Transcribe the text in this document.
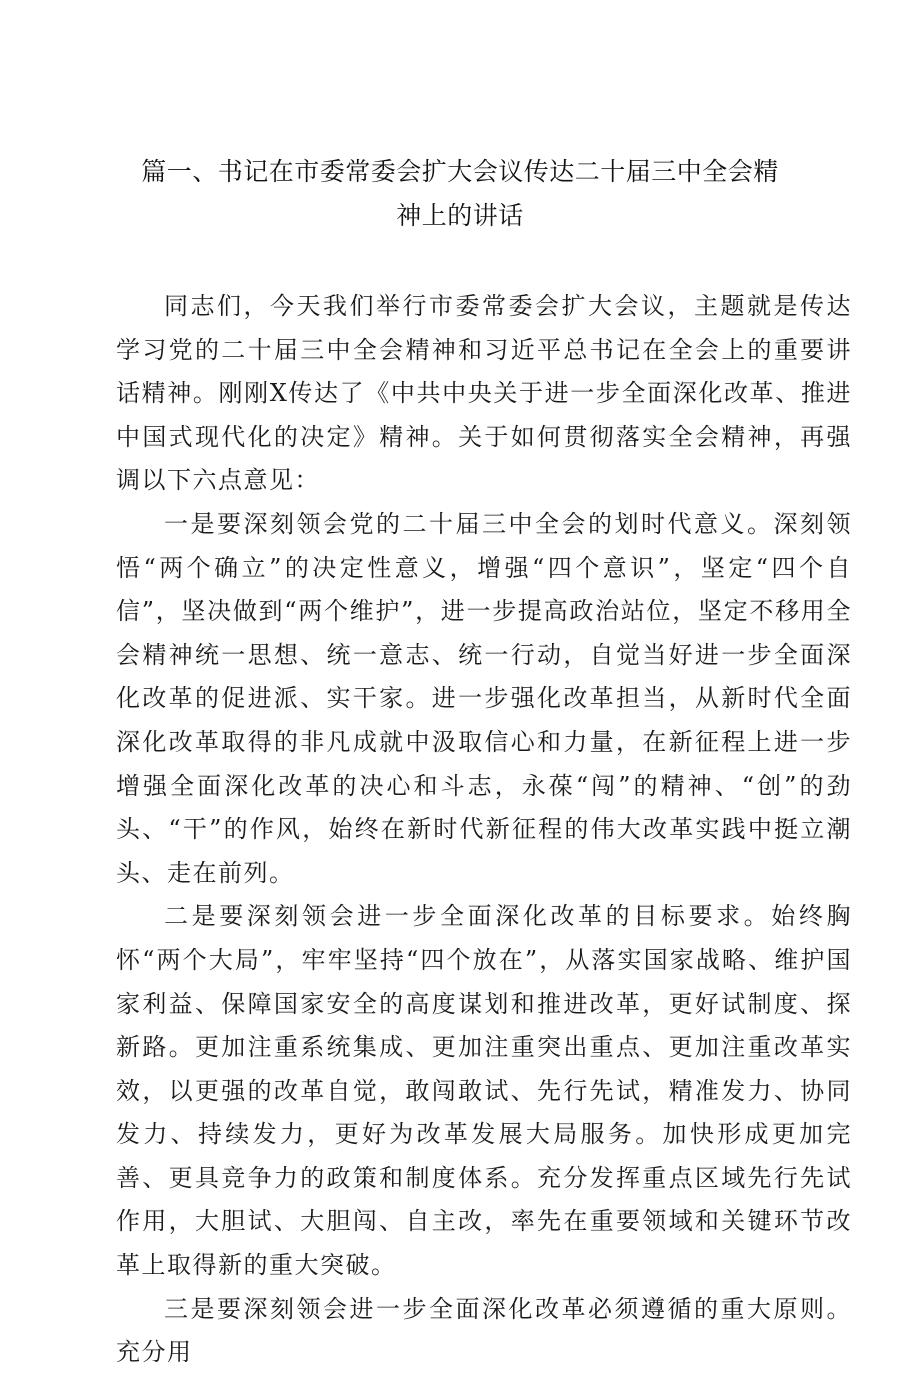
篇一、书记在市委常委会扩大会议传达二十届三中全会精
神上的讲话

同志们，今天我们举行市委常委会扩大会议，主题就是传达学习党的二十届三中全会精神和习近平总书记在全会上的重要讲话精神。刚刚X传达了《中共中央关于进一步全面深化改革、推进中国式现代化的决定》精神。关于如何贯彻落实全会精神，再强调以下六点意见：

一是要深刻领会党的二十届三中全会的划时代意义。深刻领悟“两个确立”的决定性意义，增强“四个意识”，坚定“四个自信”，坚决做到“两个维护”，进一步提高政治站位，坚定不移用全会精神统一思想、统一意志、统一行动，自觉当好进一步全面深化改革的促进派、实干家。进一步强化改革担当，从新时代全面深化改革取得的非凡成就中汲取信心和力量，在新征程上进一步增强全面深化改革的决心和斗志，永葆“闯”的精神、“创”的劲头、“干”的作风，始终在新时代新征程的伟大改革实践中挺立潮头、走在前列。

二是要深刻领会进一步全面深化改革的目标要求。始终胸怀“两个大局”，牢牢坚持“四个放在”，从落实国家战略、维护国家利益、保障国家安全的高度谋划和推进改革，更好试制度、探新路。更加注重系统集成、更加注重突出重点、更加注重改革实效，以更强的改革自觉，敢闯敢试、先行先试，精准发力、协同发力、持续发力，更好为改革发展大局服务。加快形成更加完善、更具竞争力的政策和制度体系。充分发挥重点区域先行先试作用，大胆试、大胆闯、自主改，率先在重要领域和关键环节改革上取得新的重大突破。

三是要深刻领会进一步全面深化改革必须遵循的重大原则。充分用
